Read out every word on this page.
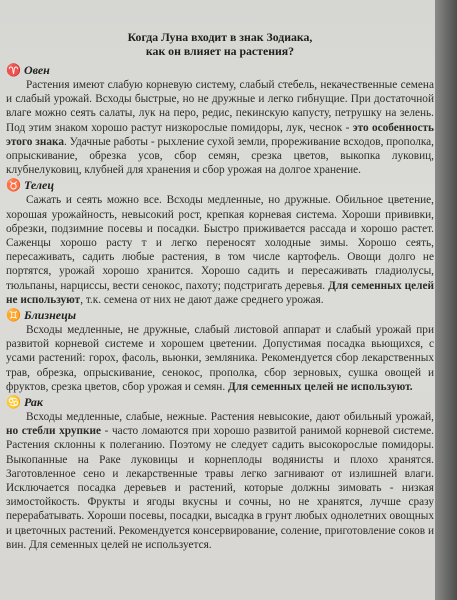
Когда Луна входит в знак Зодиака,
как он влияет на растения?
♈ Овен

Растения имеют слабую корневую систему, слабый стебель, некачественные семена и слабый урожай. Всходы быстрые, но не дружные и легко гибнущие. При достаточной влаге можно сеять салаты, лук на перо, редис, пекинскую капусту, петрушку на зелень. Под этим знаком хорошо растут низкорослые помидоры, лук, чеснок - это особенность этого знака. Удачные работы - рыхление сухой земли, прореживание всходов, прополка, опрыскивание, обрезка усов, сбор семян, срезка цветов, выкопка луковиц, клубнелуковиц, клубней для хранения и сбор урожая на долгое хранение.

♉ Телец

Сажать и сеять можно все. Всходы медленные, но дружные. Обильное цветение, хорошая урожайность, невысокий рост, крепкая корневая система. Хороши прививки, обрезки, подзимние посевы и посадки. Быстро приживается рассада и хорошо растет. Саженцы хорошо расту т и легко переносят холодные зимы. Хорошо сеять, пересаживать, садить любые растения, в том числе картофель. Овощи долго не портятся, урожай хорошо хранится. Хорошо садить и пересаживать гладиолусы, тюльпаны, нарциссы, вести сенокос, пахоту; подстригать деревья. Для семенных целей не используют, т.к. семена от них не дают даже среднего урожая.

♊ Близнецы

Всходы медленные, не дружные, слабый листовой аппарат и слабый урожай при развитой корневой системе и хорошем цветении. Допустимая посадка вьющихся, с усами растений: горох, фасоль, вьюнки, земляника. Рекомендуется сбор лекарственных трав, обрезка, опрыскивание, сенокос, прополка, сбор зерновых, сушка овощей и фруктов, срезка цветов, сбор урожая и семян. Для семенных целей не используют.

♋ Рак

Всходы медленные, слабые, нежные. Растения невысокие, дают обильный урожай, но стебли хрупкие - часто ломаются при хорошо развитой ранимой корневой системе. Растения склонны к полеганию. Поэтому не следует садить высокорослые помидоры. Выкопанные на Раке луковицы и корнеплоды водянисты и плохо хранятся. Заготовленное сено и лекарственные травы легко загнивают от излишней влаги. Исключается посадка деревьев и растений, которые должны зимовать - низкая зимостойкость. Фрукты и ягоды вкусны и сочны, но не хранятся, лучше сразу перерабатывать. Хороши посевы, посадки, высадка в грунт любых однолетних овощных и цветочных растений. Рекомендуется консервирование, соление, приготовление соков и вин. Для семенных целей не используется.
